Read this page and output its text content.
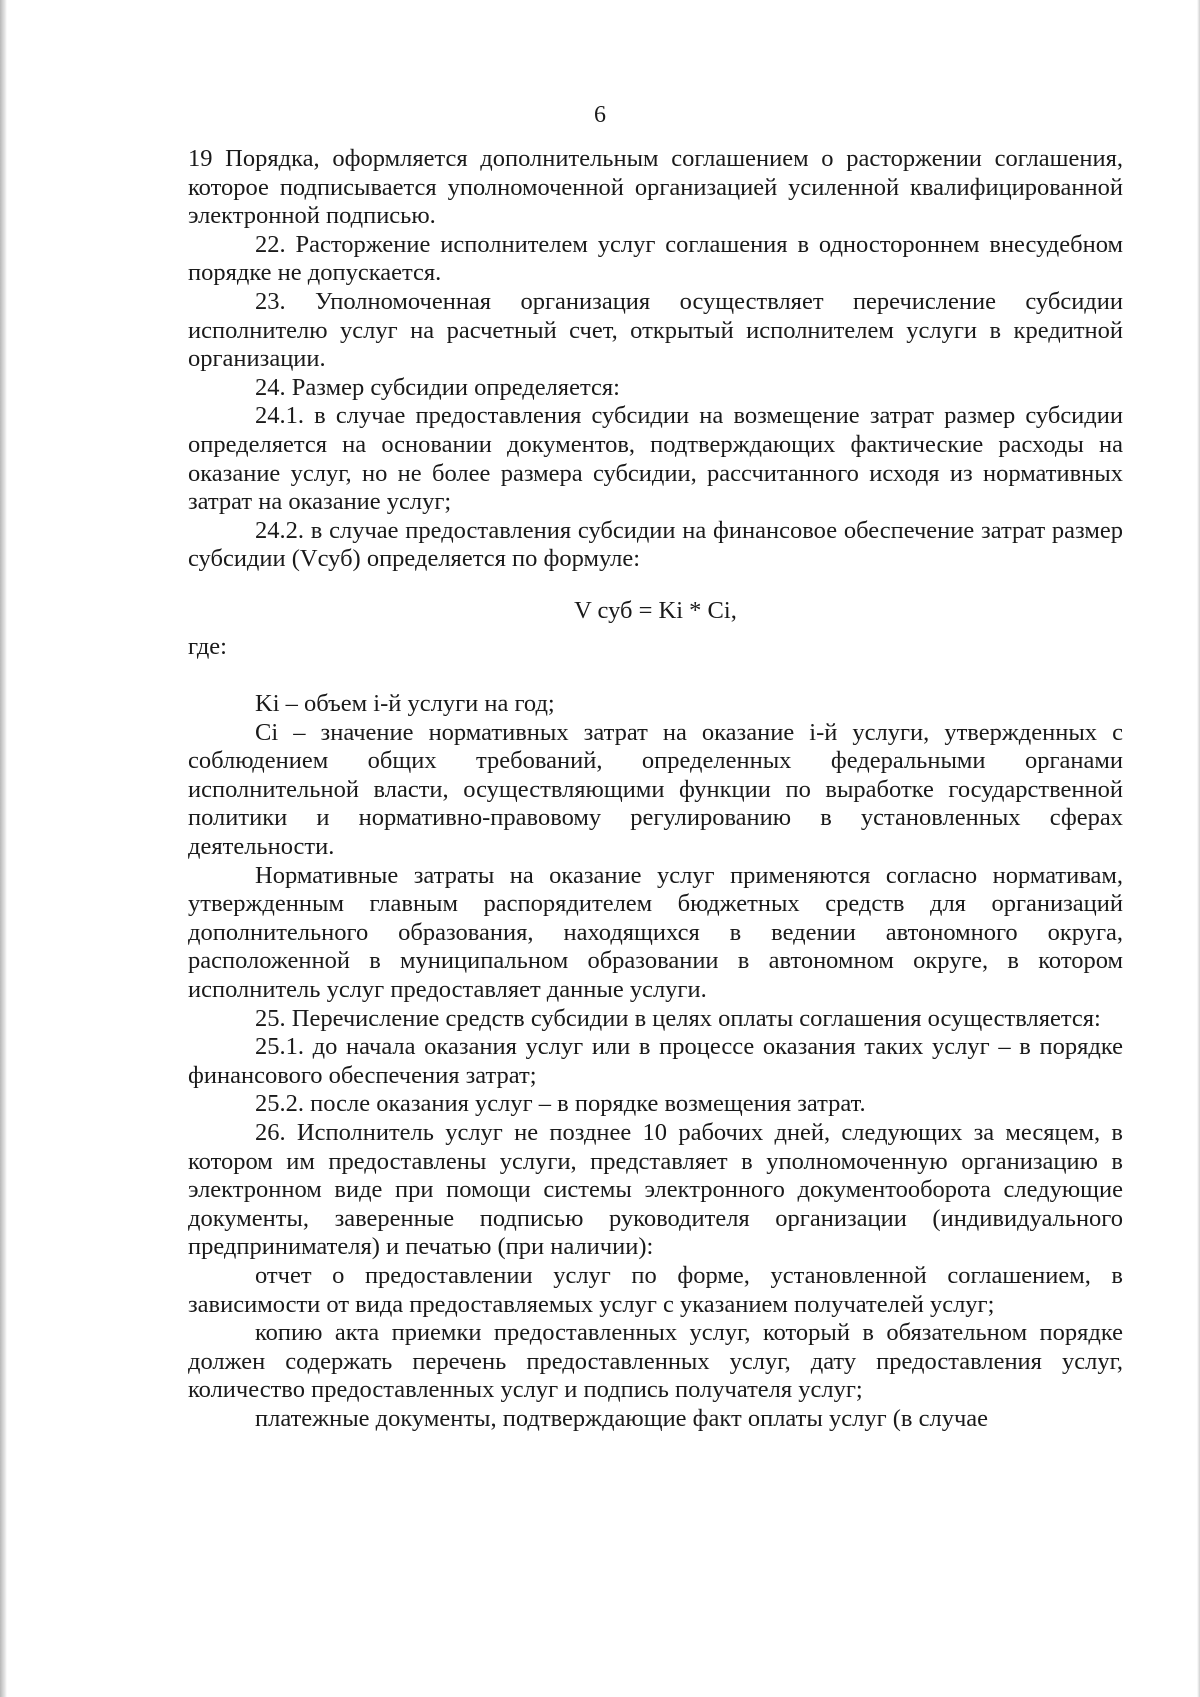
6

19 Порядка, оформляется дополнительным соглашением о расторжении соглашения, которое подписывается уполномоченной организацией усиленной квалифицированной электронной подписью.

22. Расторжение исполнителем услуг соглашения в одностороннем внесудебном порядке не допускается.

23. Уполномоченная организация осуществляет перечисление субсидии исполнителю услуг на расчетный счет, открытый исполнителем услуги в кредитной организации.

24. Размер субсидии определяется:

24.1. в случае предоставления субсидии на возмещение затрат размер субсидии определяется на основании документов, подтверждающих фактические расходы на оказание услуг, но не более размера субсидии, рассчитанного исходя из нормативных затрат на оказание услуг;

24.2. в случае предоставления субсидии на финансовое обеспечение затрат размер субсидии (Vсуб) определяется по формуле:

V суб = Ki * Ci,

где:

Ki – объем i-й услуги на год;

Ci – значение нормативных затрат на оказание i-й услуги, утвержденных с соблюдением общих требований, определенных федеральными органами исполнительной власти, осуществляющими функции по выработке государственной политики и нормативно-правовому регулированию в установленных сферах деятельности.

Нормативные затраты на оказание услуг применяются согласно нормативам, утвержденным главным распорядителем бюджетных средств для организаций дополнительного образования, находящихся в ведении автономного округа, расположенной в муниципальном образовании в автономном округе, в котором исполнитель услуг предоставляет данные услуги.

25. Перечисление средств субсидии в целях оплаты соглашения осуществляется:

25.1. до начала оказания услуг или в процессе оказания таких услуг – в порядке финансового обеспечения затрат;

25.2. после оказания услуг – в порядке возмещения затрат.

26. Исполнитель услуг не позднее 10 рабочих дней, следующих за месяцем, в котором им предоставлены услуги, представляет в уполномоченную организацию в электронном виде при помощи системы электронного документооборота следующие документы, заверенные подписью руководителя организации (индивидуального предпринимателя) и печатью (при наличии):

отчет о предоставлении услуг по форме, установленной соглашением, в зависимости от вида предоставляемых услуг с указанием получателей услуг;

копию акта приемки предоставленных услуг, который в обязательном порядке должен содержать перечень предоставленных услуг, дату предоставления услуг, количество предоставленных услуг и подпись получателя услуг;

платежные документы, подтверждающие факт оплаты услуг (в случае
